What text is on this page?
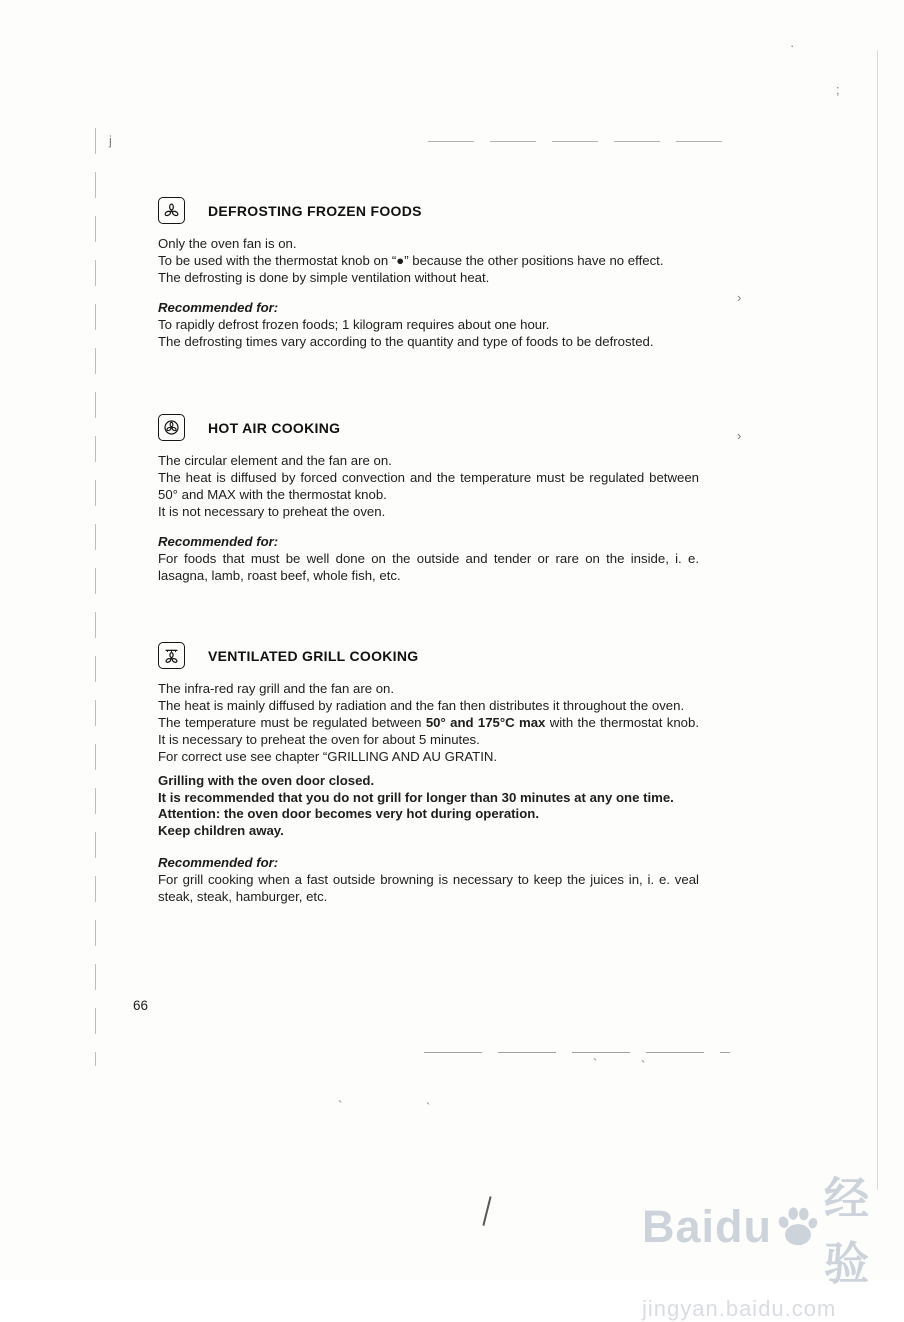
j
;
·
›
›
`	`
`	`
DEFROSTING FROZEN FOODS

Only the oven fan is on.

To be used with the thermostat knob on “●” because the other positions have no effect.

The defrosting is done by simple ventilation without heat.

Recommended for:

To rapidly defrost frozen foods; 1 kilogram requires about one hour.

The defrosting times vary according to the quantity and type of foods to be defrosted.

HOT AIR COOKING

The circular element and the fan are on.

The heat is diffused by forced convection and the temperature must be regulated between 50° and MAX with the thermostat knob.

It is not necessary to preheat the oven.

Recommended for:

For foods that must be well done on the outside and tender or rare on the inside, i. e. lasagna, lamb, roast beef, whole fish, etc.

VENTILATED GRILL COOKING

The infra-red ray grill and the fan are on.

The heat is mainly diffused by radiation and the fan then distributes it throughout the oven.

The temperature must be regulated between 50° and 175°C max with the thermostat knob. It is necessary to preheat the oven for about 5 minutes.

For correct use see chapter “GRILLING AND AU GRATIN.

Grilling with the oven door closed.

It is recommended that you do not grill for longer than 30 minutes at any one time.

Attention: the oven door becomes very hot during operation.

Keep children away.

Recommended for:

For grill cooking when a fast outside browning is necessary to keep the juices in, i. e. veal steak, steak, hamburger, etc.

66
Baidu
经验
jingyan.baidu.com
